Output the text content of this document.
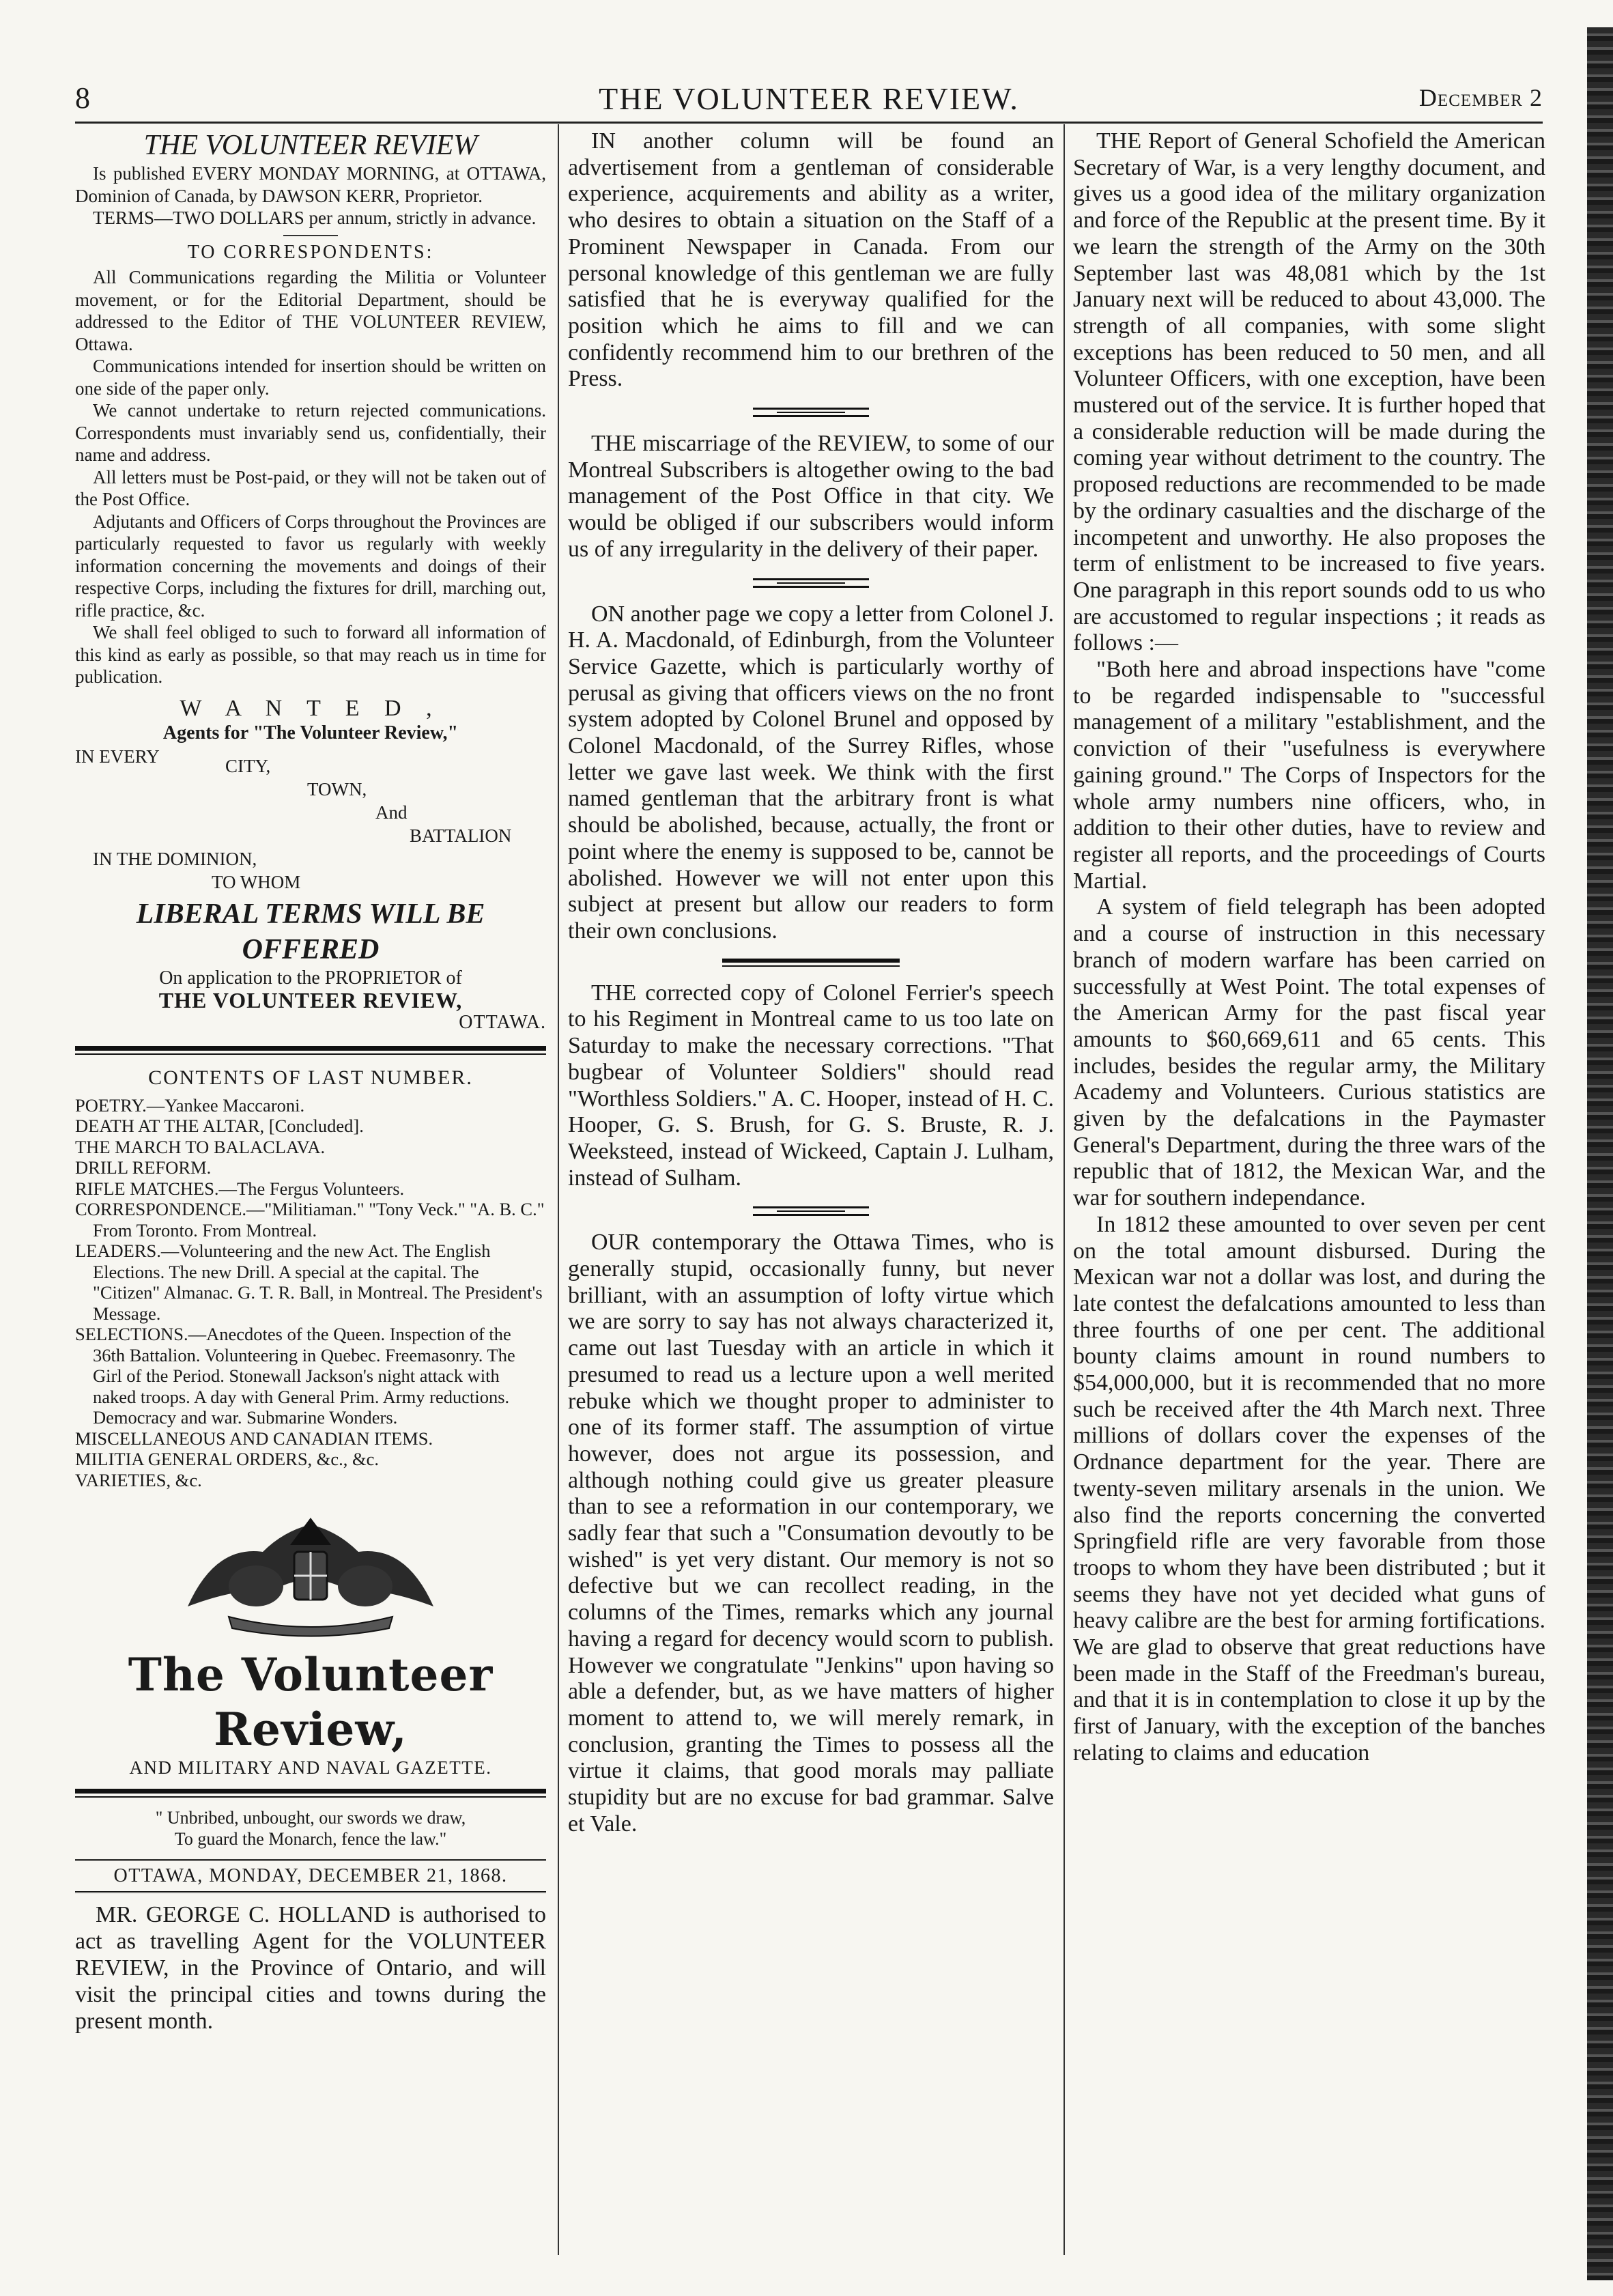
8	THE VOLUNTEER REVIEW.	December 2
THE VOLUNTEER REVIEW

Is published EVERY MONDAY MORNING, at OTTAWA, Dominion of Canada, by DAWSON KERR, Proprietor.

TERMS—TWO DOLLARS per annum, strictly in advance.

TO CORRESPONDENTS:

All Communications regarding the Militia or Volunteer movement, or for the Editorial Department, should be addressed to the Editor of THE VOLUNTEER REVIEW, Ottawa.

Communications intended for insertion should be written on one side of the paper only.

We cannot undertake to return rejected communications. Correspondents must invariably send us, confidentially, their name and address.

All letters must be Post-paid, or they will not be taken out of the Post Office.

Adjutants and Officers of Corps throughout the Provinces are particularly requested to favor us regularly with weekly information concerning the movements and doings of their respective Corps, including the fixtures for drill, marching out, rifle practice, &c.

We shall feel obliged to such to forward all information of this kind as early as possible, so that may reach us in time for publication.

W A N T E D ,
Agents for "The Volunteer Review,"
IN EVERY	CITY,
TOWN,
And
BATTALION
IN THE DOMINION,
TO WHOM
LIBERAL TERMS WILL BE OFFERED
On application to the PROPRIETOR of
THE VOLUNTEER REVIEW,
OTTAWA.
CONTENTS OF LAST NUMBER.

POETRY.—Yankee Maccaroni.

DEATH AT THE ALTAR, [Concluded].

THE MARCH TO BALACLAVA.

DRILL REFORM.

RIFLE MATCHES.—The Fergus Volunteers.

CORRESPONDENCE.—"Militiaman." "Tony Veck." "A. B. C." From Toronto. From Montreal.

LEADERS.—Volunteering and the new Act. The English Elections. The new Drill. A special at the capital. The "Citizen" Almanac. G. T. R. Ball, in Montreal. The President's Message.

SELECTIONS.—Anecdotes of the Queen. Inspection of the 36th Battalion. Volunteering in Quebec. Freemasonry. The Girl of the Period. Stonewall Jackson's night attack with naked troops. A day with General Prim. Army reductions. Democracy and war. Submarine Wonders.

MISCELLANEOUS AND CANADIAN ITEMS.

MILITIA GENERAL ORDERS, &c., &c.

VARIETIES, &c.

The Volunteer Review,
AND MILITARY AND NAVAL GAZETTE.
" Unbribed, unbought, our swords we draw,
To guard the Monarch, fence the law."
OTTAWA, MONDAY, DECEMBER 21, 1868.

MR. GEORGE C. HOLLAND is authorised to act as travelling Agent for the VOLUNTEER REVIEW, in the Province of Ontario, and will visit the principal cities and towns during the present month.

IN another column will be found an advertisement from a gentleman of considerable experience, acquirements and ability as a writer, who desires to obtain a situation on the Staff of a Prominent Newspaper in Canada. From our personal knowledge of this gentleman we are fully satisfied that he is everyway qualified for the position which he aims to fill and we can confidently recommend him to our brethren of the Press.

THE miscarriage of the REVIEW, to some of our Montreal Subscribers is altogether owing to the bad management of the Post Office in that city. We would be obliged if our subscribers would inform us of any irregularity in the delivery of their paper.

ON another page we copy a letter from Colonel J. H. A. Macdonald, of Edinburgh, from the Volunteer Service Gazette, which is particularly worthy of perusal as giving that officers views on the no front system adopted by Colonel Brunel and opposed by Colonel Macdonald, of the Surrey Rifles, whose letter we gave last week. We think with the first named gentleman that the arbitrary front is what should be abolished, because, actually, the front or point where the enemy is supposed to be, cannot be abolished. However we will not enter upon this subject at present but allow our readers to form their own conclusions.

THE corrected copy of Colonel Ferrier's speech to his Regiment in Montreal came to us too late on Saturday to make the necessary corrections. "That bugbear of Volunteer Soldiers" should read "Worthless Soldiers." A. C. Hooper, instead of H. C. Hooper, G. S. Brush, for G. S. Bruste, R. J. Weeksteed, instead of Wickeed, Captain J. Lulham, instead of Sulham.

OUR contemporary the Ottawa Times, who is generally stupid, occasionally funny, but never brilliant, with an assumption of lofty virtue which we are sorry to say has not always characterized it, came out last Tuesday with an article in which it presumed to read us a lecture upon a well merited rebuke which we thought proper to administer to one of its former staff. The assumption of virtue however, does not argue its possession, and although nothing could give us greater pleasure than to see a reformation in our contemporary, we sadly fear that such a "Consumation devoutly to be wished" is yet very distant. Our memory is not so defective but we can recollect reading, in the columns of the Times, remarks which any journal having a regard for decency would scorn to publish. However we congratulate "Jenkins" upon having so able a defender, but, as we have matters of higher moment to attend to, we will merely remark, in conclusion, granting the Times to possess all the virtue it claims, that good morals may palliate stupidity but are no excuse for bad grammar. Salve et Vale.

THE Report of General Schofield the American Secretary of War, is a very lengthy document, and gives us a good idea of the military organization and force of the Republic at the present time. By it we learn the strength of the Army on the 30th September last was 48,081 which by the 1st January next will be reduced to about 43,000. The strength of all companies, with some slight exceptions has been reduced to 50 men, and all Volunteer Officers, with one exception, have been mustered out of the service. It is further hoped that a considerable reduction will be made during the coming year without detriment to the country. The proposed reductions are recommended to be made by the ordinary casualties and the discharge of the incompetent and unworthy. He also proposes the term of enlistment to be increased to five years. One paragraph in this report sounds odd to us who are accustomed to regular inspections ; it reads as follows :—

"Both here and abroad inspections have "come to be regarded indispensable to "successful management of a military "establishment, and the conviction of their "usefulness is everywhere gaining ground." The Corps of Inspectors for the whole army numbers nine officers, who, in addition to their other duties, have to review and register all reports, and the proceedings of Courts Martial.

A system of field telegraph has been adopted and a course of instruction in this necessary branch of modern warfare has been carried on successfully at West Point. The total expenses of the American Army for the past fiscal year amounts to $60,669,611 and 65 cents. This includes, besides the regular army, the Military Academy and Volunteers. Curious statistics are given by the defalcations in the Paymaster General's Department, during the three wars of the republic that of 1812, the Mexican War, and the war for southern independance.

In 1812 these amounted to over seven per cent on the total amount disbursed. During the Mexican war not a dollar was lost, and during the late contest the defalcations amounted to less than three fourths of one per cent. The additional bounty claims amount in round numbers to $54,000,000, but it is recommended that no more such be received after the 4th March next. Three millions of dollars cover the expenses of the Ordnance department for the year. There are twenty-seven military arsenals in the union. We also find the reports concerning the converted Springfield rifle are very favorable from those troops to whom they have been distributed ; but it seems they have not yet decided what guns of heavy calibre are the best for arming fortifications. We are glad to observe that great reductions have been made in the Staff of the Freedman's bureau, and that it is in contemplation to close it up by the first of January, with the exception of the banches relating to claims and education
